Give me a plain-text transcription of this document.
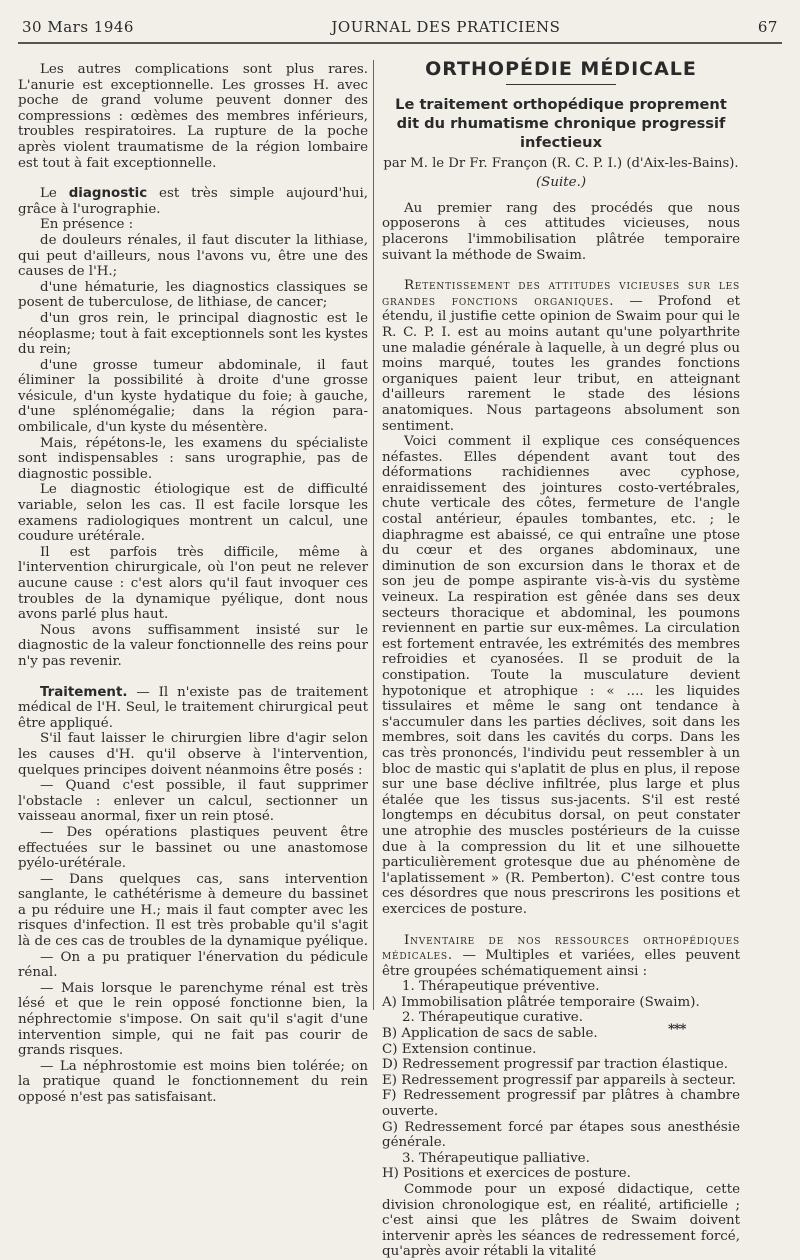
30 Mars 1946	JOURNAL DES PRATICIENS	67

Les autres complications sont plus rares. L'anurie est exceptionnelle. Les grosses H. avec poche de grand volume peuvent donner des compressions : œdèmes des membres inférieurs, troubles respiratoires. La rupture de la poche après violent traumatisme de la région lombaire est tout à fait exceptionnelle.

Le diagnostic est très simple aujourd'hui, grâce à l'urographie.

En présence :

de douleurs rénales, il faut discuter la lithiase, qui peut d'ailleurs, nous l'avons vu, être une des causes de l'H.;

d'une hématurie, les diagnostics classiques se posent de tuberculose, de lithiase, de cancer;

d'un gros rein, le principal diagnostic est le néoplasme; tout à fait exceptionnels sont les kystes du rein;

d'une grosse tumeur abdominale, il faut éliminer la possibilité à droite d'une grosse vésicule, d'un kyste hydatique du foie; à gauche, d'une splénomégalie; dans la région para-ombilicale, d'un kyste du mésentère.

Mais, répétons-le, les examens du spécialiste sont indispensables : sans urographie, pas de diagnostic possible.

Le diagnostic étiologique est de difficulté variable, selon les cas. Il est facile lorsque les examens radiologiques montrent un calcul, une coudure urétérale.

Il est parfois très difficile, même à l'intervention chirurgicale, où l'on peut ne relever aucune cause : c'est alors qu'il faut invoquer ces troubles de la dynamique pyélique, dont nous avons parlé plus haut.

Nous avons suffisamment insisté sur le diagnostic de la valeur fonctionnelle des reins pour n'y pas revenir.

Traitement. — Il n'existe pas de traitement médical de l'H. Seul, le traitement chirurgical peut être appliqué.

S'il faut laisser le chirurgien libre d'agir selon les causes d'H. qu'il observe à l'intervention, quelques principes doivent néanmoins être posés :

— Quand c'est possible, il faut supprimer l'obstacle : enlever un calcul, sectionner un vaisseau anormal, fixer un rein ptosé.

— Des opérations plastiques peuvent être effectuées sur le bassinet ou une anastomose pyélo-urétérale.

— Dans quelques cas, sans intervention sanglante, le cathétérisme à demeure du bassinet a pu réduire une H.; mais il faut compter avec les risques d'infection. Il est très probable qu'il s'agit là de ces cas de troubles de la dynamique pyélique.

— On a pu pratiquer l'énervation du pédicule rénal.

— Mais lorsque le parenchyme rénal est très lésé et que le rein opposé fonctionne bien, la néphrectomie s'impose. On sait qu'il s'agit d'une intervention simple, qui ne fait pas courir de grands risques.

— La néphrostomie est moins bien tolérée; on la pratique quand le fonctionnement du rein opposé n'est pas satisfaisant.

ORTHOPÉDIE MÉDICALE
Le traitement orthopédique proprement dit du rhumatisme chronique progressif infectieux

par M. le Dr Fr. Françon (R. C. P. I.) (d'Aix-les-Bains).

(Suite.)

Au premier rang des procédés que nous opposerons à ces attitudes vicieuses, nous placerons l'immobilisation plâtrée temporaire suivant la méthode de Swaim.

Retentissement des attitudes vicieuses sur les grandes fonctions organiques. — Profond et étendu, il justifie cette opinion de Swaim pour qui le R. C. P. I. est au moins autant qu'une polyarthrite une maladie générale à laquelle, à un degré plus ou moins marqué, toutes les grandes fonctions organiques paient leur tribut, en atteignant d'ailleurs rarement le stade des lésions anatomiques. Nous partageons absolument son sentiment.

Voici comment il explique ces conséquences néfastes. Elles dépendent avant tout des déformations rachidiennes avec cyphose, enraidissement des jointures costo-vertébrales, chute verticale des côtes, fermeture de l'angle costal antérieur, épaules tombantes, etc. ; le diaphragme est abaissé, ce qui entraîne une ptose du cœur et des organes abdominaux, une diminution de son excursion dans le thorax et de son jeu de pompe aspirante vis-à-vis du système veineux. La respiration est gênée dans ses deux secteurs thoracique et abdominal, les poumons reviennent en partie sur eux-mêmes. La circulation est fortement entravée, les extrémités des membres refroidies et cyanosées. Il se produit de la constipation. Toute la musculature devient hypotonique et atrophique : « .... les liquides tissulaires et même le sang ont tendance à s'accumuler dans les parties déclives, soit dans les membres, soit dans les cavités du corps. Dans les cas très prononcés, l'individu peut ressembler à un bloc de mastic qui s'aplatit de plus en plus, il repose sur une base déclive infiltrée, plus large et plus étalée que les tissus sus-jacents. S'il est resté longtemps en décubitus dorsal, on peut constater une atrophie des muscles postérieurs de la cuisse due à la compression du lit et une silhouette particulièrement grotesque due au phénomène de l'aplatissement » (R. Pemberton). C'est contre tous ces désordres que nous prescrirons les positions et exercices de posture.

Inventaire de nos ressources orthopédiques médicales. — Multiples et variées, elles peuvent être groupées schématiquement ainsi :

1. Thérapeutique préventive.

A) Immobilisation plâtrée temporaire (Swaim).

2. Thérapeutique curative.

B) Application de sacs de sable.

C) Extension continue.

D) Redressement progressif par traction élastique.

E) Redressement progressif par appareils à secteur.

F) Redressement progressif par plâtres à chambre ouverte.

G) Redressement forcé par étapes sous anesthésie générale.

3. Thérapeutique palliative.

H) Positions et exercices de posture.

Commode pour un exposé didactique, cette division chronologique est, en réalité, artificielle ; c'est ainsi que les plâtres de Swaim doivent intervenir après les séances de redressement forcé, qu'après avoir rétabli la vitalité

***
